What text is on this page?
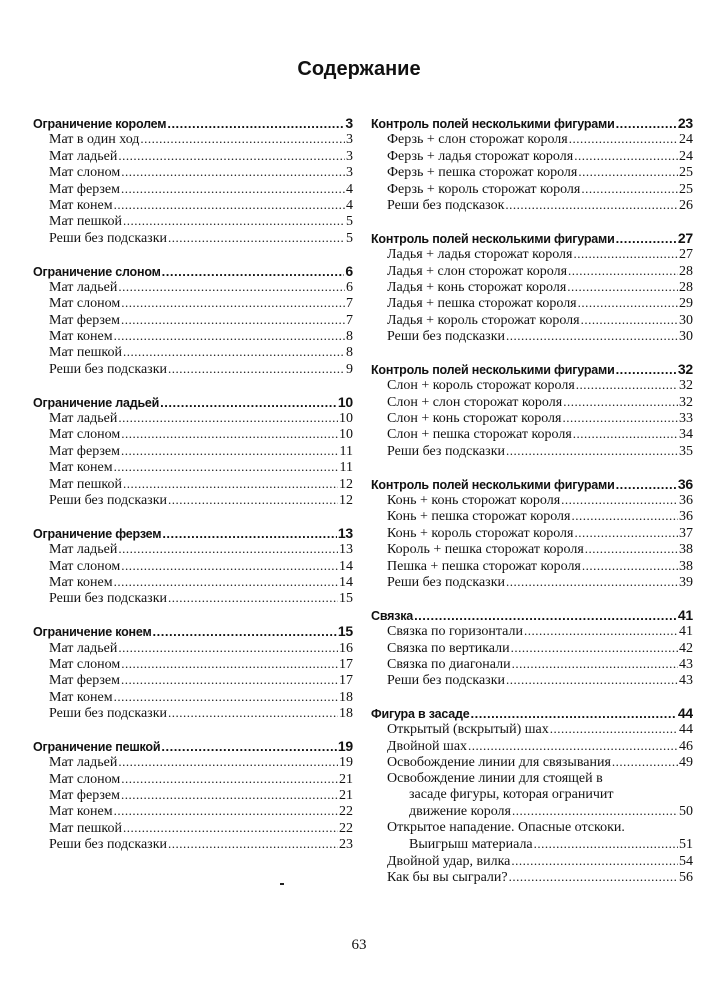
Содержание
Ограничение королем .....	3
Мат в один ход .....	3
Мат ладьей .....	3
Мат слоном .....	3
Мат ферзем .....	4
Мат конем .....	4
Мат пешкой .....	5
Реши без подсказки .....	5
Ограничение слоном .....	6
Мат ладьей .....	6
Мат слоном .....	7
Мат ферзем .....	7
Мат конем .....	8
Мат пешкой .....	8
Реши без подсказки .....	9
Ограничение ладьей .....	10
Мат ладьей .....	10
Мат слоном .....	10
Мат ферзем .....	11
Мат конем .....	11
Мат пешкой .....	12
Реши без подсказки .....	12
Ограничение ферзем .....	13
Мат ладьей .....	13
Мат слоном .....	14
Мат конем .....	14
Реши без подсказки .....	15
Ограничение конем .....	15
Мат ладьей .....	16
Мат слоном .....	17
Мат ферзем .....	17
Мат конем .....	18
Реши без подсказки .....	18
Ограничение пешкой .....	19
Мат ладьей .....	19
Мат слоном .....	21
Мат ферзем .....	21
Мат конем .....	22
Мат пешкой .....	22
Реши без подсказки .....	23
Контроль полей несколькими фигурами .....	23
Ферзь + слон сторожат короля .....	24
Ферзь + ладья сторожат короля .....	24
Ферзь + пешка сторожат короля .....	25
Ферзь + король сторожат короля .....	25
Реши без подсказок .....	26
Контроль полей несколькими фигурами .....	27
Ладья + ладья сторожат короля .....	27
Ладья + слон сторожат короля .....	28
Ладья + конь сторожат короля .....	28
Ладья + пешка сторожат короля .....	29
Ладья + король сторожат короля .....	30
Реши без подсказки .....	30
Контроль полей несколькими фигурами .....	32
Слон + король сторожат короля .....	32
Слон + слон сторожат короля .....	32
Слон + конь сторожат короля .....	33
Слон + пешка сторожат короля .....	34
Реши без подсказки .....	35
Контроль полей несколькими фигурами .....	36
Конь + конь сторожат короля .....	36
Конь + пешка сторожат короля .....	36
Конь + король сторожат короля .....	37
Король + пешка сторожат короля .....	38
Пешка + пешка сторожат короля .....	38
Реши без подсказки .....	39
Связка .....	41
Связка по горизонтали .....	41
Связка по вертикали .....	42
Связка по диагонали .....	43
Реши без подсказки .....	43
Фигура в засаде .....	44
Открытый (вскрытый) шах .....	44
Двойной шах .....	46
Освобождение линии для связывания .....	49
Освобождение линии для стоящей в
засаде фигуры, которая ограничит
движение короля .....	50
Открытое нападение. Опасные отскоки.
Выигрыш материала .....	51
Двойной удар, вилка .....	54
Как бы вы сыграли? .....	56
63
